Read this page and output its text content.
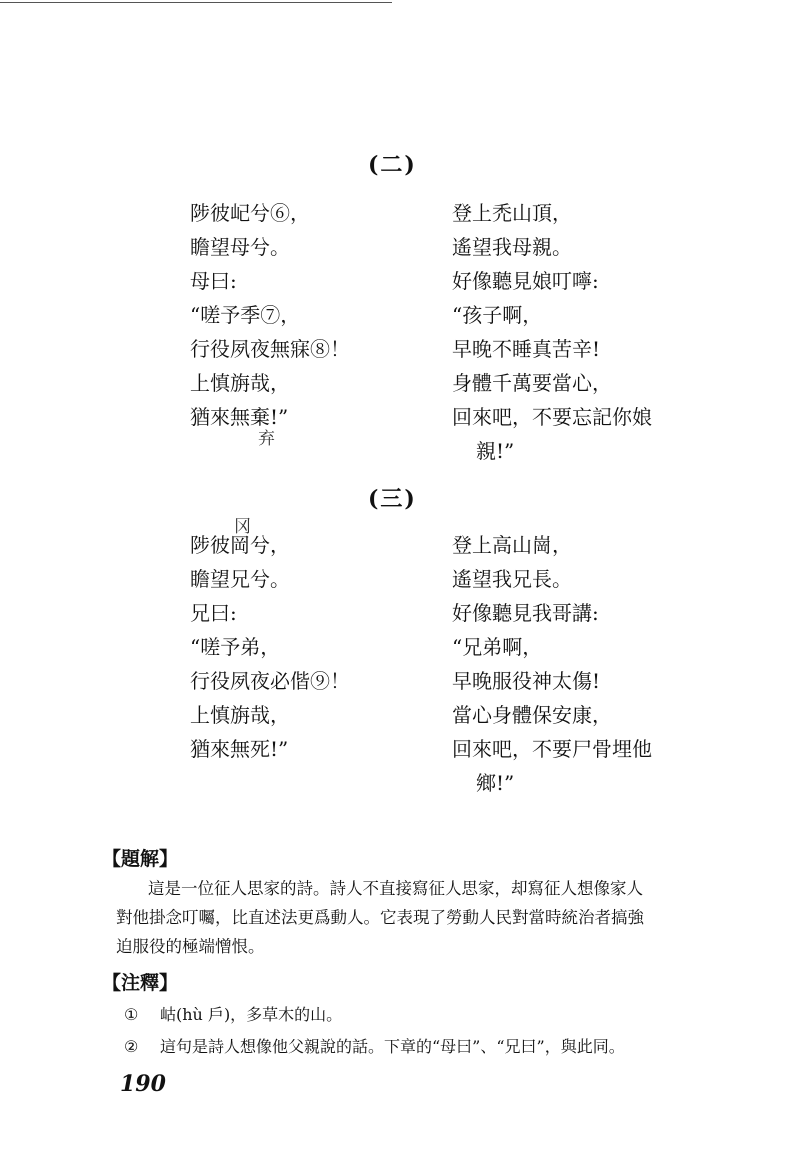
(二)
陟彼屺兮⑥，
瞻望母兮。
母曰:
“嗟予季⑦，
行役夙夜無寐⑧！
上慎旃哉，
猶來無棄!”
弃
登上禿山頂，
遙望我母親。
好像聽見娘叮嚀:
“孩子啊，
早晚不睡真苦辛!
身體千萬要當心，
回來吧，不要忘記你娘
親!”
(三)
冈
陟彼岡兮，
瞻望兄兮。
兄曰:
“嗟予弟，
行役夙夜必偕⑨！
上慎旃哉，
猶來無死!”
登上高山崗，
遙望我兄長。
好像聽見我哥講:
“兄弟啊，
早晚服役神太傷!
當心身體保安康，
回來吧，不要尸骨埋他
鄉!”
【題解】
這是一位征人思家的詩。詩人不直接寫征人思家，却寫征人想像家人
對他掛念叮囑，比直述法更爲動人。它表現了勞動人民對當時統治者搞強
迫服役的極端憎恨。
【注釋】
① 岵(hù 戶)，多草木的山。
② 這句是詩人想像他父親說的話。下章的“母曰”、“兄曰”，與此同。
190
